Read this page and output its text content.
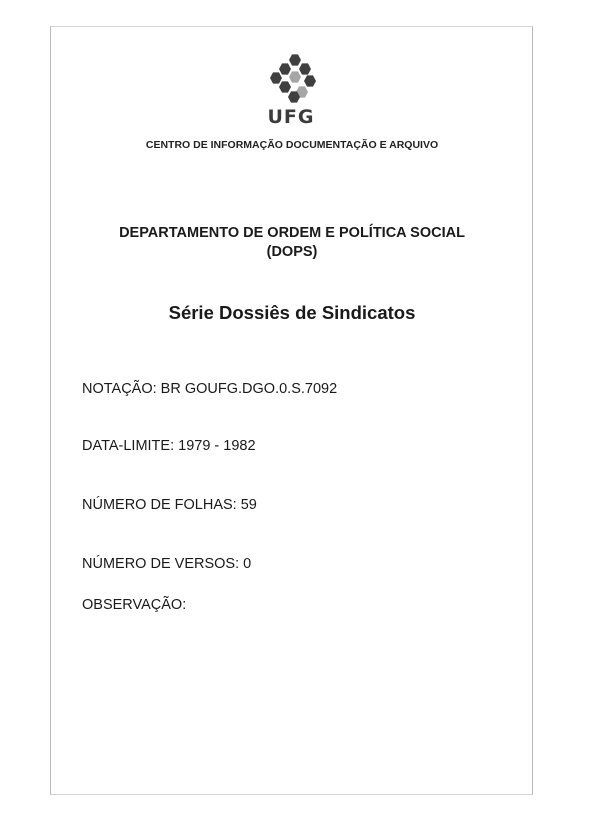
UFG
CENTRO DE INFORMAÇÃO DOCUMENTAÇÃO E ARQUIVO
DEPARTAMENTO DE ORDEM E POLÍTICA SOCIAL
(DOPS)
Série Dossiês de Sindicatos
NOTAÇÃO: BR GOUFG.DGO.0.S.7092
DATA-LIMITE: 1979 - 1982
NÚMERO DE FOLHAS: 59
NÚMERO DE VERSOS: 0
OBSERVAÇÃO:
